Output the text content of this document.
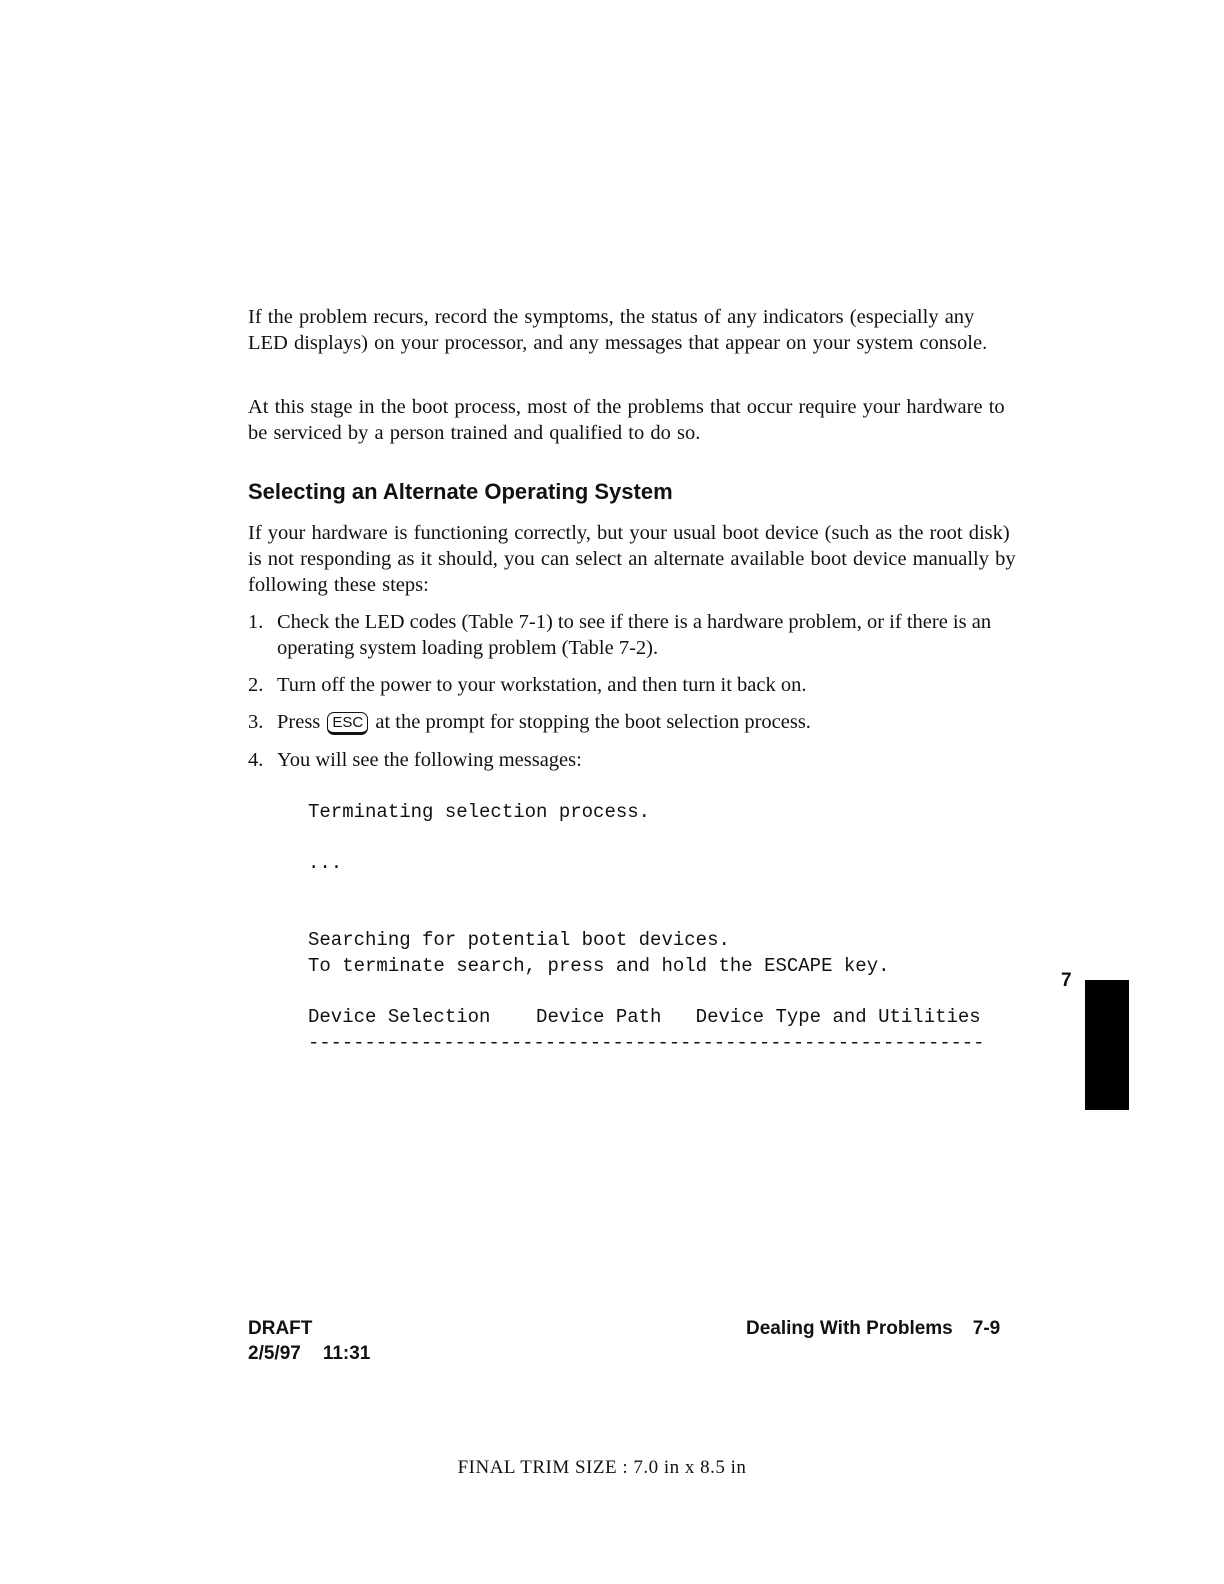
If the problem recurs, record the symptoms, the status of any indicators (especially any LED displays) on your processor, and any messages that appear on your system console.

At this stage in the boot process, most of the problems that occur require your hardware to be serviced by a person trained and qualified to do so.

Selecting an Alternate Operating System

If your hardware is functioning correctly, but your usual boot device (such as the root disk) is not responding as it should, you can select an alternate available boot device manually by following these steps:

1. Check the LED codes (Table 7-1) to see if there is a hardware problem, or if there is an operating system loading problem (Table 7-2).
2. Turn off the power to your workstation, and then turn it back on.
3. Press ESC at the prompt for stopping the boot selection process.
4. You will see the following messages:
Terminating selection process.
...
Searching for potential boot devices.
To terminate search, press and hold the ESCAPE key.
Device Selection    Device Path   Device Type and Utilities
------------------------------------------------------------
7
DRAFT
2/5/97 11:31
Dealing With Problems 7-9
FINAL TRIM SIZE : 7.0 in x 8.5 in
